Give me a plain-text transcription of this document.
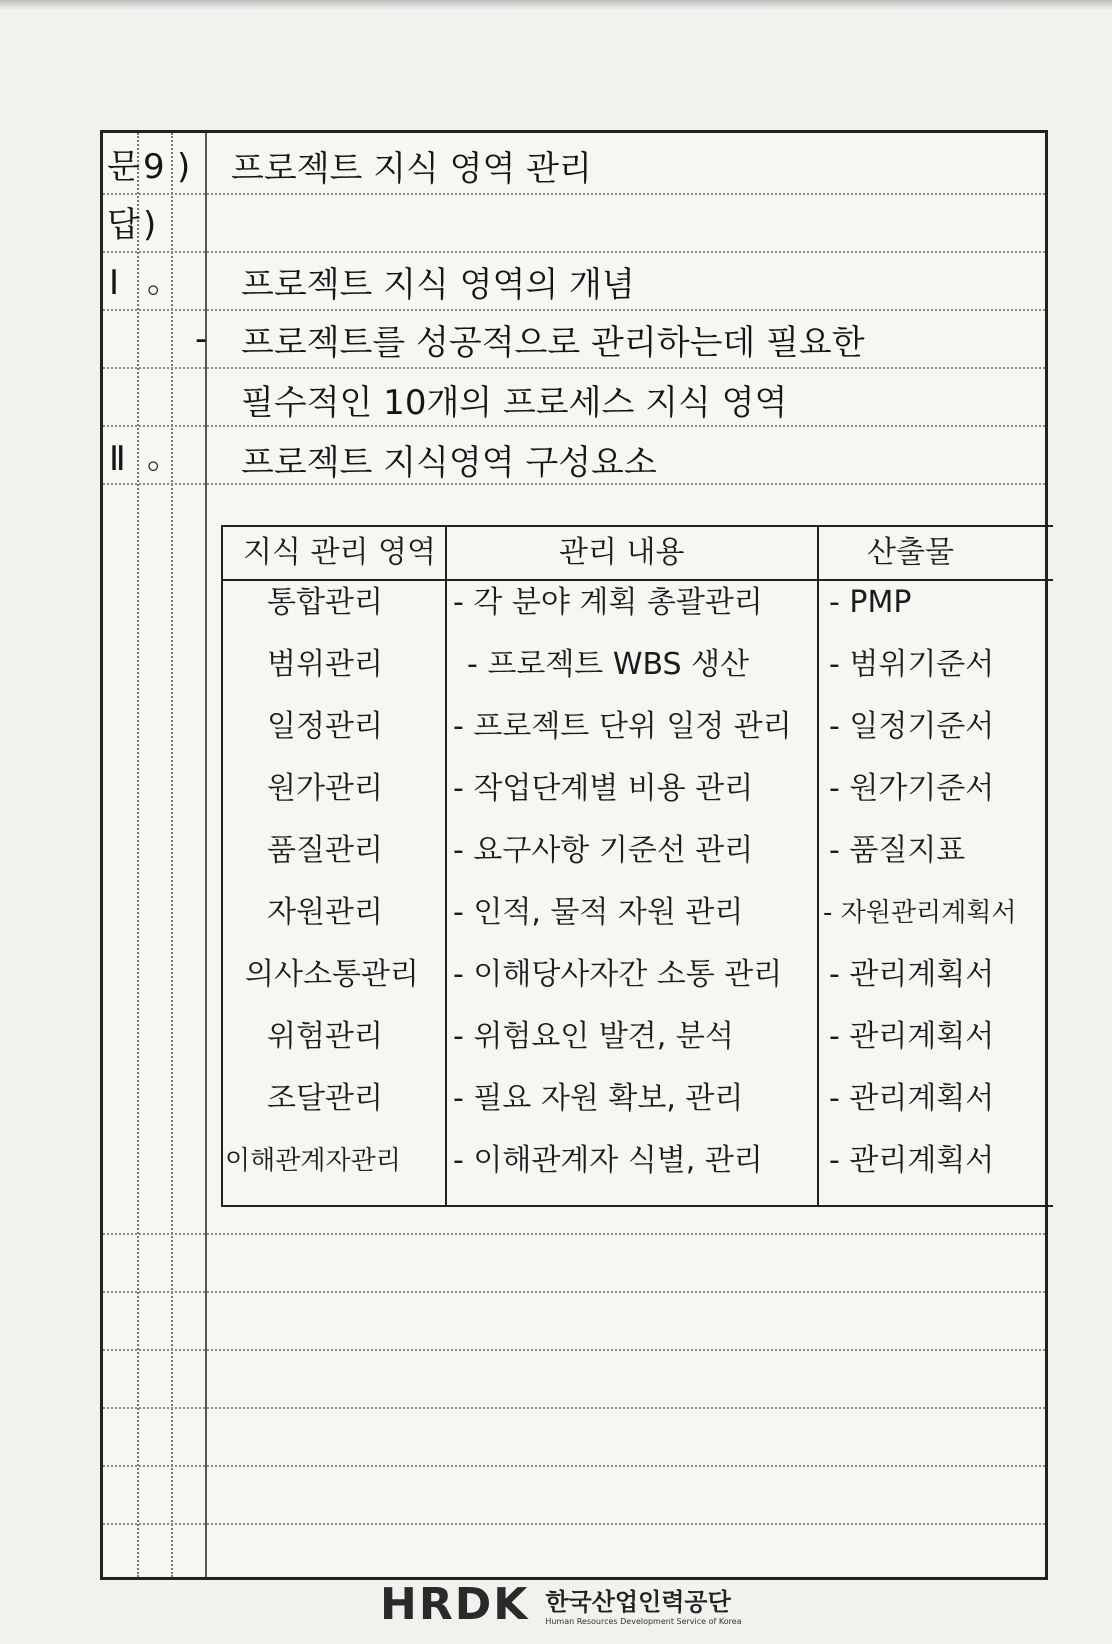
문 9 ) 프로젝트 지식 영역 관리
답 )
Ⅰ 。 프로젝트 지식 영역의 개념
- 프로젝트를 성공적으로 관리하는데 필요한
필수적인 10개의 프로세스 지식 영역
Ⅱ 。 프로젝트 지식영역 구성요소
지식 관리 영역	관리 내용	산출물
통합관리 - 각 분야 계획 총괄관리 - PMP
범위관리	- 프로젝트 WBS 생산	- 범위기준서
일정관리 - 프로젝트 단위 일정 관리 - 일정기준서
원가관리 - 작업단계별 비용 관리	- 원가기준서
품질관리 - 요구사항 기준선 관리	- 품질지표
자원관리 - 인적, 물적 자원 관리	- 자원관리계획서
의사소통관리 - 이해당사자간 소통 관리 - 관리계획서
위험관리 - 위험요인 발견, 분석	- 관리계획서
조달관리 - 필요 자원 확보, 관리	- 관리계획서
이해관계자관리 - 이해관계자 식별, 관리 - 관리계획서
HRDK 한국산업인력공단
Human Resources Development Service of Korea
